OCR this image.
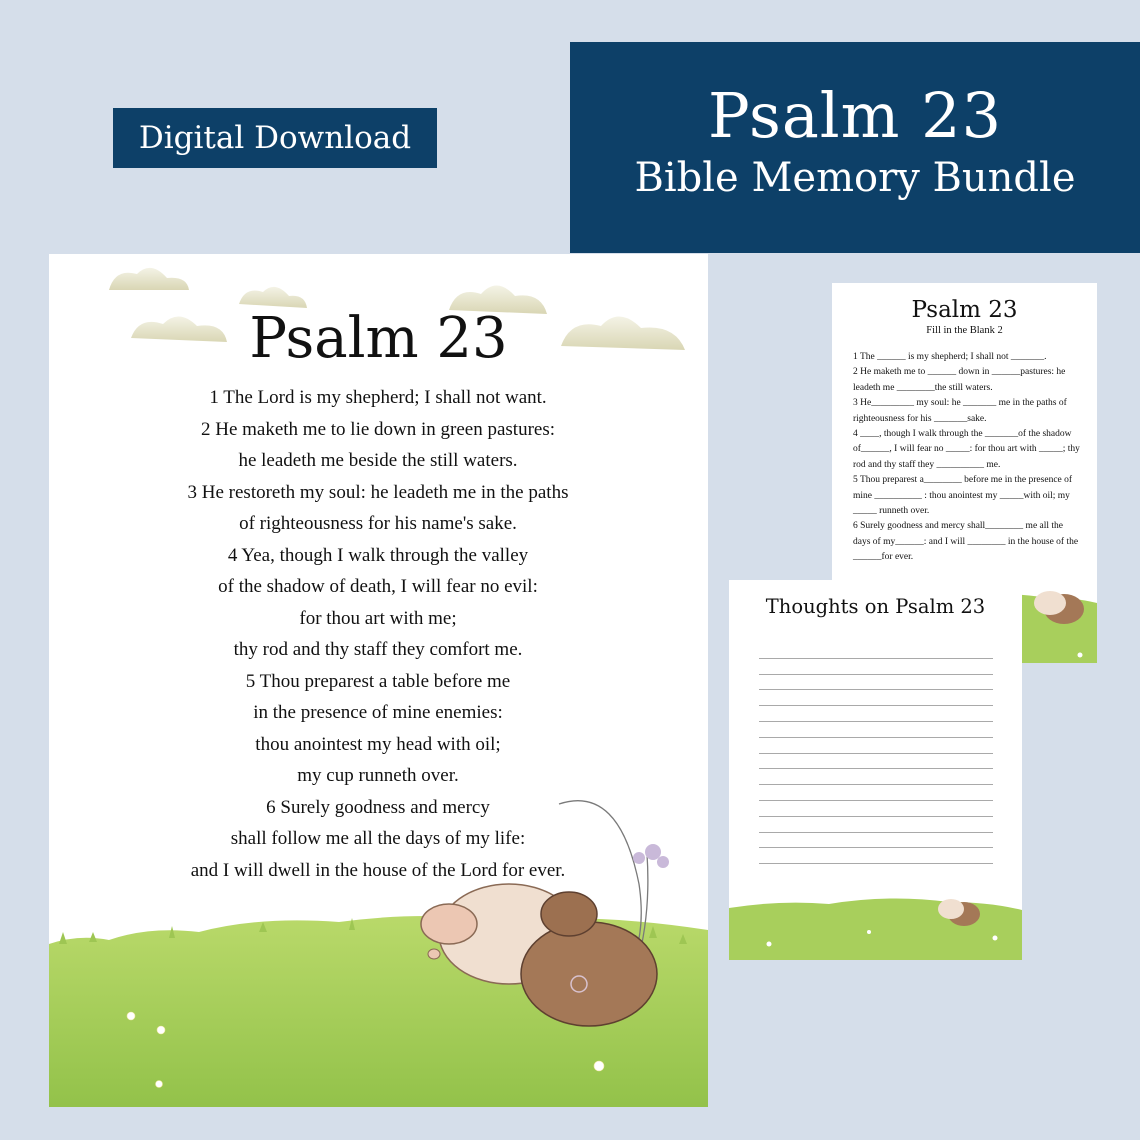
Digital Download	Psalm 23
Bible Memory Bundle
Psalm 23
1 The Lord is my shepherd; I shall not want.
2 He maketh me to lie down in green pastures:
he leadeth me beside the still waters.
3 He restoreth my soul: he leadeth me in the paths
of righteousness for his name's sake.
4 Yea, though I walk through the valley
of the shadow of death, I will fear no evil:
for thou art with me;
thy rod and thy staff they comfort me.
5 Thou preparest a table before me
in the presence of mine enemies:
thou anointest my head with oil;
my cup runneth over.
6 Surely goodness and mercy
shall follow me all the days of my life:
and I will dwell in the house of the Lord for ever.
Psalm 23
Fill in the Blank 2
1 The ______ is my shepherd; I shall not _______.
2 He maketh me to ______ down in ______pastures: he
leadeth me ________the still waters.
3 He_________ my soul: he _______ me in the paths of
righteousness for his _______sake.
4 ____, though I walk through the _______of the shadow
of______, I will fear no _____: for thou art with _____; thy
rod and thy staff they __________ me.
5 Thou preparest a________ before me in the presence of
mine __________ : thou anointest my _____with oil; my
_____ runneth over.
6 Surely goodness and mercy shall________ me all the
days of my______: and I will ________ in the house of the
______for ever.
Thoughts on Psalm 23
